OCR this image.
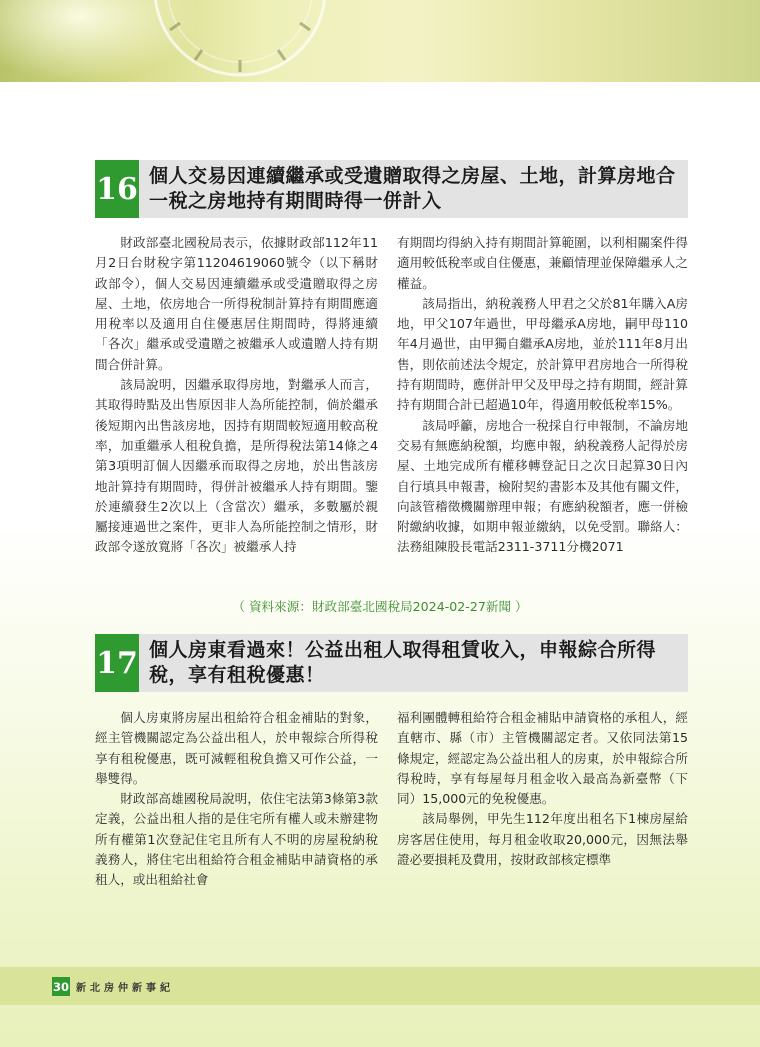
16 個人交易因連續繼承或受遺贈取得之房屋、土地，計算房地合一稅之房地持有期間時得一併計入

財政部臺北國稅局表示，依據財政部112年11月2日台財稅字第11204619060號令（以下稱財政部令），個人交易因連續繼承或受遺贈取得之房屋、土地，依房地合一所得稅制計算持有期間應適用稅率以及適用自住優惠居住期間時，得將連續「各次」繼承或受遺贈之被繼承人或遺贈人持有期間合併計算。

該局說明，因繼承取得房地，對繼承人而言，其取得時點及出售原因非人為所能控制，倘於繼承後短期內出售該房地，因持有期間較短適用較高稅率，加重繼承人租稅負擔，是所得稅法第14條之4第3項明訂個人因繼承而取得之房地，於出售該房地計算持有期間時，得併計被繼承人持有期間。鑒於連續發生2次以上（含當次）繼承，多數屬於親屬接連過世之案件，更非人為所能控制之情形，財政部令遂放寬將「各次」被繼承人持

有期間均得納入持有期間計算範圍，以利相關案件得適用較低稅率或自住優惠，兼顧情理並保障繼承人之權益。

該局指出，納稅義務人甲君之父於81年購入A房地，甲父107年過世，甲母繼承A房地，嗣甲母110年4月過世，由甲獨自繼承A房地，並於111年8月出售，則依前述法令規定，於計算甲君房地合一所得稅持有期間時，應併計甲父及甲母之持有期間，經計算持有期間合計已超過10年，得適用較低稅率15%。

該局呼籲，房地合一稅採自行申報制，不論房地交易有無應納稅額，均應申報，納稅義務人記得於房屋、土地完成所有權移轉登記日之次日起算30日內自行填具申報書，檢附契約書影本及其他有關文件，向該管稽徵機關辦理申報；有應納稅額者，應一併檢附繳納收據，如期申報並繳納，以免受罰。聯絡人：法務組陳股長電話2311-3711分機2071

（ 資料來源：財政部臺北國稅局2024-02-27新聞 ）
17 個人房東看過來！公益出租人取得租賃收入，申報綜合所得稅，享有租稅優惠！

個人房東將房屋出租給符合租金補貼的對象，經主管機關認定為公益出租人，於申報綜合所得稅享有租稅優惠，既可減輕租稅負擔又可作公益，一舉雙得。

財政部高雄國稅局說明，依住宅法第3條第3款定義，公益出租人指的是住宅所有權人或未辦建物所有權第1次登記住宅且所有人不明的房屋稅納稅義務人，將住宅出租給符合租金補貼申請資格的承租人，或出租給社會

福利團體轉租給符合租金補貼申請資格的承租人，經直轄市、縣（市）主管機關認定者。又依同法第15條規定，經認定為公益出租人的房東，於申報綜合所得稅時，享有每屋每月租金收入最高為新臺幣（下同）15,000元的免稅優惠。

該局舉例，甲先生112年度出租名下1棟房屋給房客居住使用，每月租金收取20,000元，因無法舉證必要損耗及費用，按財政部核定標準

30 新北房仲新事紀
